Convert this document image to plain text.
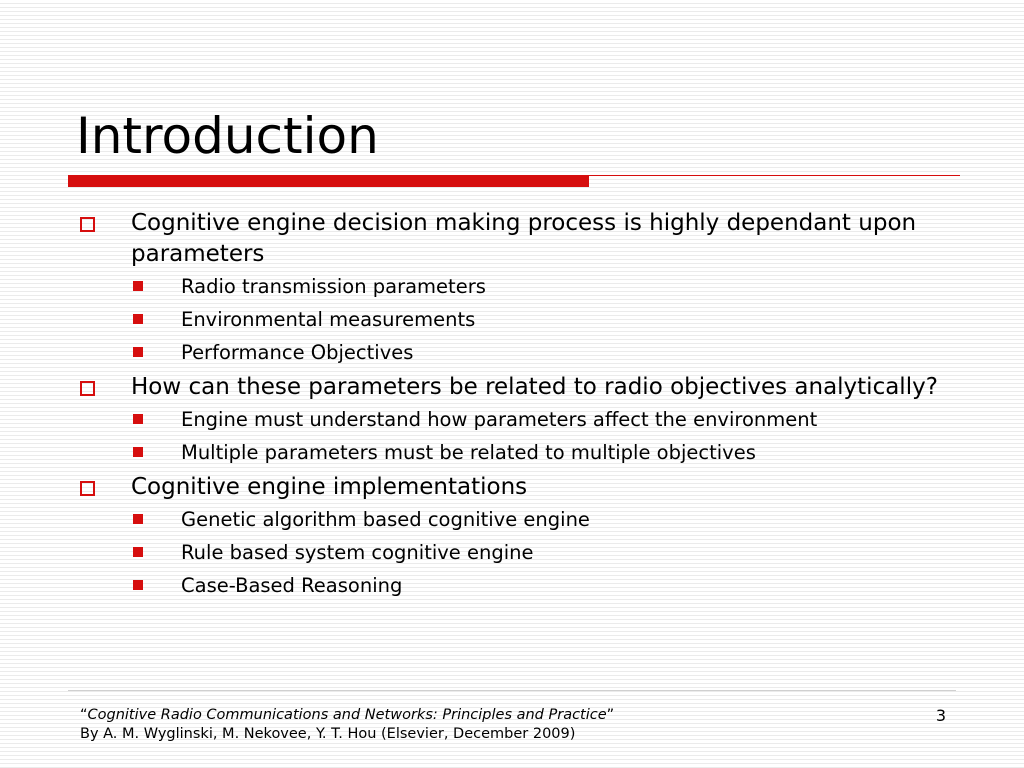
Introduction
Cognitive engine decision making process is highly dependant upon parameters
Radio transmission parameters
Environmental measurements
Performance Objectives
How can these parameters be related to radio objectives analytically?
Engine must understand how parameters affect the environment
Multiple parameters must be related to multiple objectives
Cognitive engine implementations
Genetic algorithm based cognitive engine
Rule based system cognitive engine
Case-Based Reasoning
“Cognitive Radio Communications and Networks: Principles and Practice”
By A. M. Wyglinski, M. Nekovee, Y. T. Hou (Elsevier, December 2009)
3
